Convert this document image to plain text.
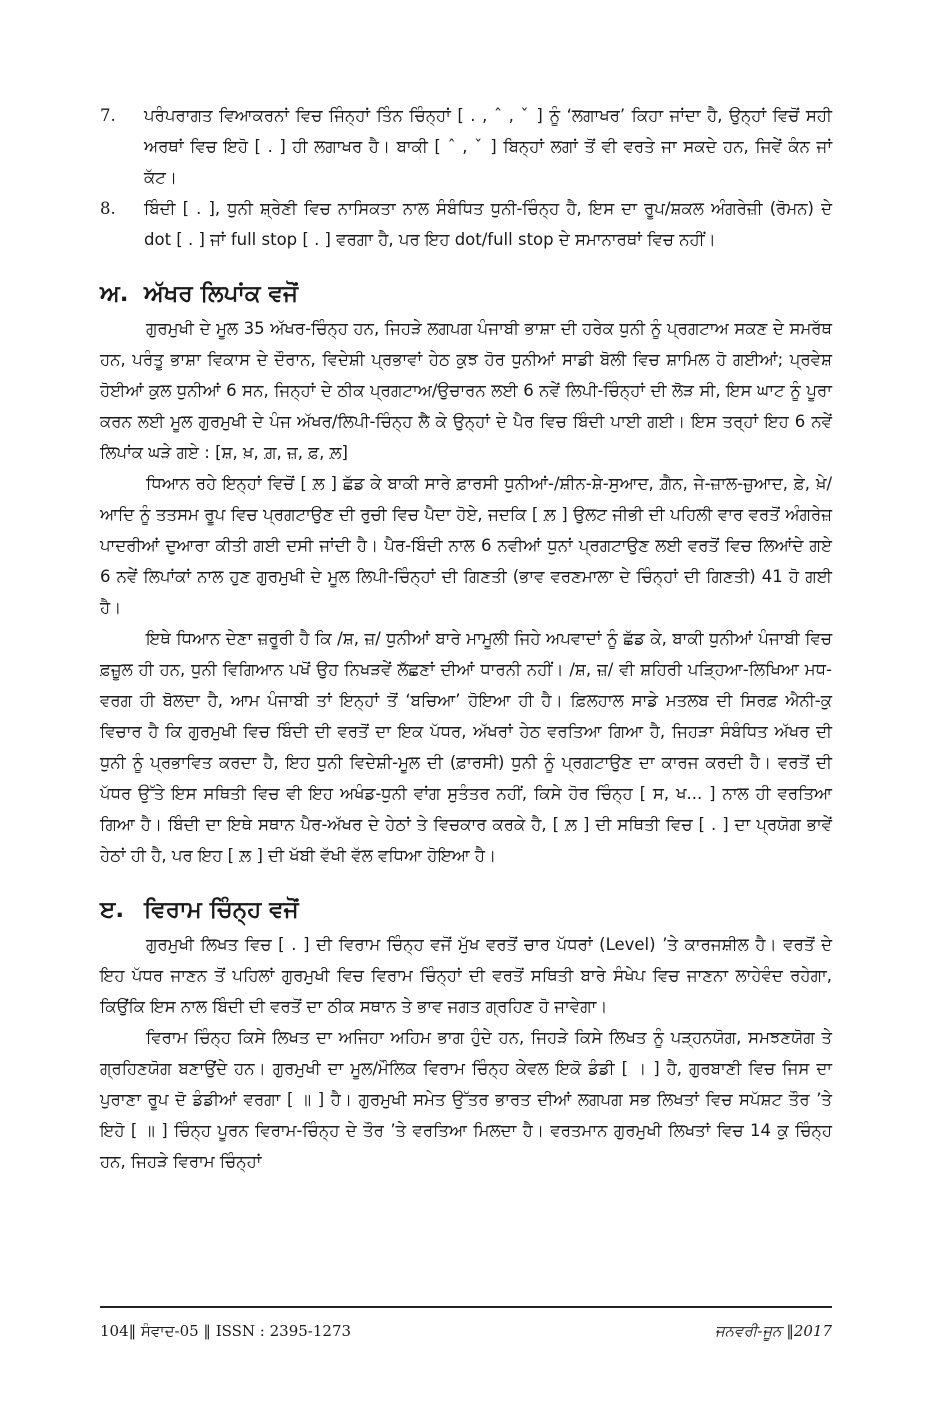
7.	ਪਰੰਪਰਾਗਤ ਵਿਆਕਰਨਾਂ ਵਿਚ ਜਿੰਨ੍ਹਾਂ ਤਿੰਨ ਚਿੰਨ੍ਹਾਂ [ . , ˆ , ˇ ] ਨੂੰ ‘ਲਗਾਖਰ’ ਕਿਹਾ ਜਾਂਦਾ ਹੈ, ਉਨ੍ਹਾਂ ਵਿਚੋਂ ਸਹੀ ਅਰਥਾਂ ਵਿਚ ਇਹੋ [ . ] ਹੀ ਲਗਾਖਰ ਹੈ। ਬਾਕੀ [ ˆ , ˇ ] ਬਿਨ੍ਹਾਂ ਲਗਾਂ ਤੋਂ ਵੀ ਵਰਤੇ ਜਾ ਸਕਦੇ ਹਨ, ਜਿਵੇਂ ਕੰਨ ਜਾਂ ਕੱਟ।
8.	ਬਿੰਦੀ [ . ], ਧੁਨੀ ਸ਼੍ਰੇਣੀ ਵਿਚ ਨਾਸਿਕਤਾ ਨਾਲ ਸੰਬੰਧਿਤ ਧੁਨੀ-ਚਿੰਨ੍ਹ ਹੈ, ਇਸ ਦਾ ਰੂਪ/ਸ਼ਕਲ ਅੰਗਰੇਜ਼ੀ (ਰੋਮਨ) ਦੇ dot [ . ] ਜਾਂ full stop [ . ] ਵਰਗਾ ਹੈ, ਪਰ ਇਹ dot/full stop ਦੇ ਸਮਾਨਾਰਥਾਂ ਵਿਚ ਨਹੀਂ।
ਅ. ਅੱਖਰ ਲਿਪਾਂਕ ਵਜੋਂ

ਗੁਰਮੁਖੀ ਦੇ ਮੂਲ 35 ਅੱਖਰ-ਚਿੰਨ੍ਹ ਹਨ, ਜਿਹੜੇ ਲਗਪਗ ਪੰਜਾਬੀ ਭਾਸ਼ਾ ਦੀ ਹਰੇਕ ਧੁਨੀ ਨੂੰ ਪ੍ਰਗਟਾਅ ਸਕਣ ਦੇ ਸਮਰੱਥ ਹਨ, ਪਰੰਤੂ ਭਾਸ਼ਾ ਵਿਕਾਸ ਦੇ ਦੌਰਾਨ, ਵਿਦੇਸ਼ੀ ਪ੍ਰਭਾਵਾਂ ਹੇਠ ਕੁਝ ਹੋਰ ਧੁਨੀਆਂ ਸਾਡੀ ਬੋਲੀ ਵਿਚ ਸ਼ਾਮਿਲ ਹੋ ਗਈਆਂ; ਪ੍ਰਵੇਸ਼ ਹੋਈਆਂ ਕੁਲ ਧੁਨੀਆਂ 6 ਸਨ, ਜਿਨ੍ਹਾਂ ਦੇ ਠੀਕ ਪ੍ਰਗਟਾਅ/ਉਚਾਰਨ ਲਈ 6 ਨਵੇਂ ਲਿਪੀ-ਚਿੰਨ੍ਹਾਂ ਦੀ ਲੋੜ ਸੀ, ਇਸ ਘਾਟ ਨੂੰ ਪੂਰਾ ਕਰਨ ਲਈ ਮੂਲ ਗੁਰਮੁਖੀ ਦੇ ਪੰਜ ਅੱਖਰ/ਲਿਪੀ-ਚਿੰਨ੍ਹ ਲੈ ਕੇ ਉਨ੍ਹਾਂ ਦੇ ਪੈਰ ਵਿਚ ਬਿੰਦੀ ਪਾਈ ਗਈ। ਇਸ ਤਰ੍ਹਾਂ ਇਹ 6 ਨਵੇਂ ਲਿਪਾਂਕ ਘੜੇ ਗਏ : [ਸ਼, ਖ਼, ਗ਼, ਜ਼, ਫ਼, ਲ਼]

ਧਿਆਨ ਰਹੇ ਇਨ੍ਹਾਂ ਵਿਚੋਂ [ ਲ਼ ] ਛੱਡ ਕੇ ਬਾਕੀ ਸਾਰੇ ਫ਼ਾਰਸੀ ਧੁਨੀਆਂ-/ਸ਼ੀਨ-ਸ਼ੇ-ਸੁਆਦ, ਗ਼ੈਨ, ਜੇ-ਜ਼ਾਲ-ਜ਼ੁਆਦ, ਫ਼ੇ, ਖ਼ੇ/ਆਦਿ ਨੂੰ ਤਤਸਮ ਰੂਪ ਵਿਚ ਪ੍ਰਗਟਾਉਣ ਦੀ ਰੁਚੀ ਵਿਚ ਪੈਦਾ ਹੋਏ, ਜਦਕਿ [ ਲ਼ ] ਉਲਟ ਜੀਭੀ ਦੀ ਪਹਿਲੀ ਵਾਰ ਵਰਤੋਂ ਅੰਗਰੇਜ਼ ਪਾਦਰੀਆਂ ਦੁਆਰਾ ਕੀਤੀ ਗਈ ਦਸੀ ਜਾਂਦੀ ਹੈ। ਪੈਰ-ਬਿੰਦੀ ਨਾਲ 6 ਨਵੀਆਂ ਧੁਨਾਂ ਪ੍ਰਗਟਾਉਣ ਲਈ ਵਰਤੋਂ ਵਿਚ ਲਿਆਂਦੇ ਗਏ 6 ਨਵੇਂ ਲਿਪਾਂਕਾਂ ਨਾਲ ਹੁਣ ਗੁਰਮੁਖੀ ਦੇ ਮੂਲ ਲਿਪੀ-ਚਿੰਨ੍ਹਾਂ ਦੀ ਗਿਣਤੀ (ਭਾਵ ਵਰਣਮਾਲਾ ਦੇ ਚਿੰਨ੍ਹਾਂ ਦੀ ਗਿਣਤੀ) 41 ਹੋ ਗਈ ਹੈ।

ਇਥੇ ਧਿਆਨ ਦੇਣਾ ਜ਼ਰੂਰੀ ਹੈ ਕਿ /ਸ਼, ਜ਼/ ਧੁਨੀਆਂ ਬਾਰੇ ਮਾਮੂਲੀ ਜਿਹੇ ਅਪਵਾਦਾਂ ਨੂੰ ਛੱਡ ਕੇ, ਬਾਕੀ ਧੁਨੀਆਂ ਪੰਜਾਬੀ ਵਿਚ ਫ਼ਜ਼ੂਲ ਹੀ ਹਨ, ਧੁਨੀ ਵਿਗਿਆਨ ਪਖੋਂ ਉਹ ਨਿਖੜਵੇਂ ਲੱਛਣਾਂ ਦੀਆਂ ਧਾਰਨੀ ਨਹੀਂ। /ਸ਼, ਜ਼/ ਵੀ ਸ਼ਹਿਰੀ ਪੜ੍ਹਿਆ-ਲਿਖਿਆ ਮਧ-ਵਰਗ ਹੀ ਬੋਲਦਾ ਹੈ, ਆਮ ਪੰਜਾਬੀ ਤਾਂ ਇਨ੍ਹਾਂ ਤੋਂ ‘ਬਚਿਆ’ ਹੋਇਆ ਹੀ ਹੈ। ਫ਼ਿਲਹਾਲ ਸਾਡੇ ਮਤਲਬ ਦੀ ਸਿਰਫ਼ ਐਨੀ-ਕੁ ਵਿਚਾਰ ਹੈ ਕਿ ਗੁਰਮੁਖੀ ਵਿਚ ਬਿੰਦੀ ਦੀ ਵਰਤੋਂ ਦਾ ਇਕ ਪੱਧਰ, ਅੱਖਰਾਂ ਹੇਠ ਵਰਤਿਆ ਗਿਆ ਹੈ, ਜਿਹੜਾ ਸੰਬੰਧਿਤ ਅੱਖਰ ਦੀ ਧੁਨੀ ਨੂੰ ਪ੍ਰਭਾਵਿਤ ਕਰਦਾ ਹੈ, ਇਹ ਧੁਨੀ ਵਿਦੇਸ਼ੀ-ਮੂਲ ਦੀ (ਫ਼ਾਰਸੀ) ਧੁਨੀ ਨੂੰ ਪ੍ਰਗਟਾਉਣ ਦਾ ਕਾਰਜ ਕਰਦੀ ਹੈ। ਵਰਤੋਂ ਦੀ ਪੱਧਰ ਉੱਤੇ ਇਸ ਸਥਿਤੀ ਵਿਚ ਵੀ ਇਹ ਅਖੰਡ-ਧੁਨੀ ਵਾਂਗ ਸੁਤੰਤਰ ਨਹੀਂ, ਕਿਸੇ ਹੋਰ ਚਿੰਨ੍ਹ [ ਸ, ਖ... ] ਨਾਲ ਹੀ ਵਰਤਿਆ ਗਿਆ ਹੈ। ਬਿੰਦੀ ਦਾ ਇਥੇ ਸਥਾਨ ਪੈਰ-ਅੱਖਰ ਦੇ ਹੇਠਾਂ ਤੇ ਵਿਚਕਾਰ ਕਰਕੇ ਹੈ, [ ਲ਼ ] ਦੀ ਸਥਿਤੀ ਵਿਚ [ . ] ਦਾ ਪ੍ਰਯੋਗ ਭਾਵੇਂ ਹੇਠਾਂ ਹੀ ਹੈ, ਪਰ ਇਹ [ ਲ਼ ] ਦੀ ਖੱਬੀ ਵੱਖੀ ਵੱਲ ਵਧਿਆ ਹੋਇਆ ਹੈ।

ੲ. ਵਿਰਾਮ ਚਿੰਨ੍ਹ ਵਜੋਂ

ਗੁਰਮੁਖੀ ਲਿਖਤ ਵਿਚ [ . ] ਦੀ ਵਿਰਾਮ ਚਿੰਨ੍ਹ ਵਜੋਂ ਮੁੱਖ ਵਰਤੋਂ ਚਾਰ ਪੱਧਰਾਂ (Level) ’ਤੇ ਕਾਰਜਸ਼ੀਲ ਹੈ। ਵਰਤੋਂ ਦੇ ਇਹ ਪੱਧਰ ਜਾਣਨ ਤੋਂ ਪਹਿਲਾਂ ਗੁਰਮੁਖੀ ਵਿਚ ਵਿਰਾਮ ਚਿੰਨ੍ਹਾਂ ਦੀ ਵਰਤੋਂ ਸਥਿਤੀ ਬਾਰੇ ਸੰਖੇਪ ਵਿਚ ਜਾਣਨਾ ਲਾਹੇਵੰਦ ਰਹੇਗਾ, ਕਿਉਂਕਿ ਇਸ ਨਾਲ ਬਿੰਦੀ ਦੀ ਵਰਤੋਂ ਦਾ ਠੀਕ ਸਥਾਨ ਤੇ ਭਾਵ ਜਗਤ ਗ੍ਰਹਿਣ ਹੋ ਜਾਵੇਗਾ।

ਵਿਰਾਮ ਚਿੰਨ੍ਹ ਕਿਸੇ ਲਿਖਤ ਦਾ ਅਜਿਹਾ ਅਹਿਮ ਭਾਗ ਹੁੰਦੇ ਹਨ, ਜਿਹੜੇ ਕਿਸੇ ਲਿਖਤ ਨੂੰ ਪੜ੍ਹਨਯੋਗ, ਸਮਝਣਯੋਗ ਤੇ ਗ੍ਰਹਿਣਯੋਗ ਬਣਾਉਂਦੇ ਹਨ। ਗੁਰਮੁਖੀ ਦਾ ਮੂਲ/ਮੌਲਿਕ ਵਿਰਾਮ ਚਿੰਨ੍ਹ ਕੇਵਲ ਇਕੋ ਡੰਡੀ [ । ] ਹੈ, ਗੁਰਬਾਣੀ ਵਿਚ ਜਿਸ ਦਾ ਪੁਰਾਣਾ ਰੂਪ ਦੋ ਡੰਡੀਆਂ ਵਰਗਾ [ ॥ ] ਹੈ। ਗੁਰਮੁਖੀ ਸਮੇਤ ਉੱਤਰ ਭਾਰਤ ਦੀਆਂ ਲਗਪਗ ਸਭ ਲਿਖਤਾਂ ਵਿਚ ਸਪੱਸ਼ਟ ਤੌਰ ’ਤੇ ਇਹੋ [ ॥ ] ਚਿੰਨ੍ਹ ਪੂਰਨ ਵਿਰਾਮ-ਚਿੰਨ੍ਹ ਦੇ ਤੌਰ ’ਤੇ ਵਰਤਿਆ ਮਿਲਦਾ ਹੈ। ਵਰਤਮਾਨ ਗੁਰਮੁਖੀ ਲਿਖਤਾਂ ਵਿਚ 14 ਕੁ ਚਿੰਨ੍ਹ ਹਨ, ਜਿਹੜੇ ਵਿਰਾਮ ਚਿੰਨ੍ਹਾਂ

104‖ ਸੰਵਾਦ-05 ‖ ISSN : 2395-1273	ਜਨਵਰੀ-ਜੂਨ ‖2017
